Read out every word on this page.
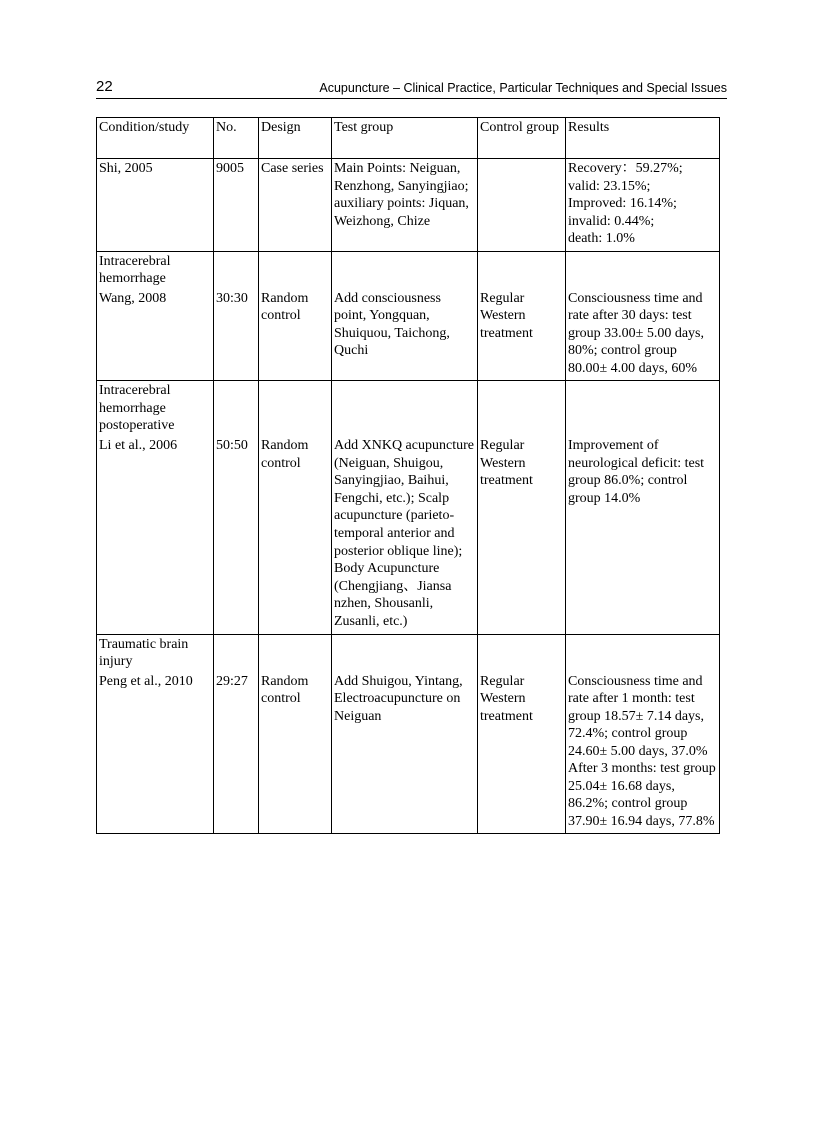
22	Acupuncture – Clinical Practice, Particular Techniques and Special Issues
Condition/study	No.	Design	Test group	Control group	Results

Shi, 2005	9005	Case series	Main Points: Neiguan, Renzhong, Sanyingjiao; auxiliary points: Jiquan, Weizhong, Chize		Recovery：59.27%;
valid: 23.15%;
Improved: 16.14%;
invalid: 0.44%;
death: 1.0%

Intracerebral hemorrhage
Wang, 2008	30:30	Random control	Add consciousness point, Yongquan, Shuiquou, Taichong, Quchi	Regular Western treatment	Consciousness time and rate after 30 days: test group 33.00± 5.00 days, 80%; control group 80.00± 4.00 days, 60%

Intracerebral hemorrhage postoperative
Li et al., 2006	50:50	Random control	Add XNKQ acupuncture (Neiguan, Shuigou, Sanyingjiao, Baihui, Fengchi, etc.); Scalp acupuncture (parieto-temporal anterior and posterior oblique line); Body Acupuncture (Chengjiang、Jiansa nzhen, Shousanli, Zusanli, etc.)	Regular Western treatment	Improvement of neurological deficit: test group 86.0%; control group 14.0%

Traumatic brain injury
Peng et al., 2010	29:27	Random control	Add Shuigou, Yintang, Electroacupuncture on Neiguan	Regular Western treatment	Consciousness time and rate after 1 month: test group 18.57± 7.14 days, 72.4%; control group 24.60± 5.00 days, 37.0%
After 3 months: test group 25.04± 16.68 days, 86.2%; control group 37.90± 16.94 days, 77.8%
